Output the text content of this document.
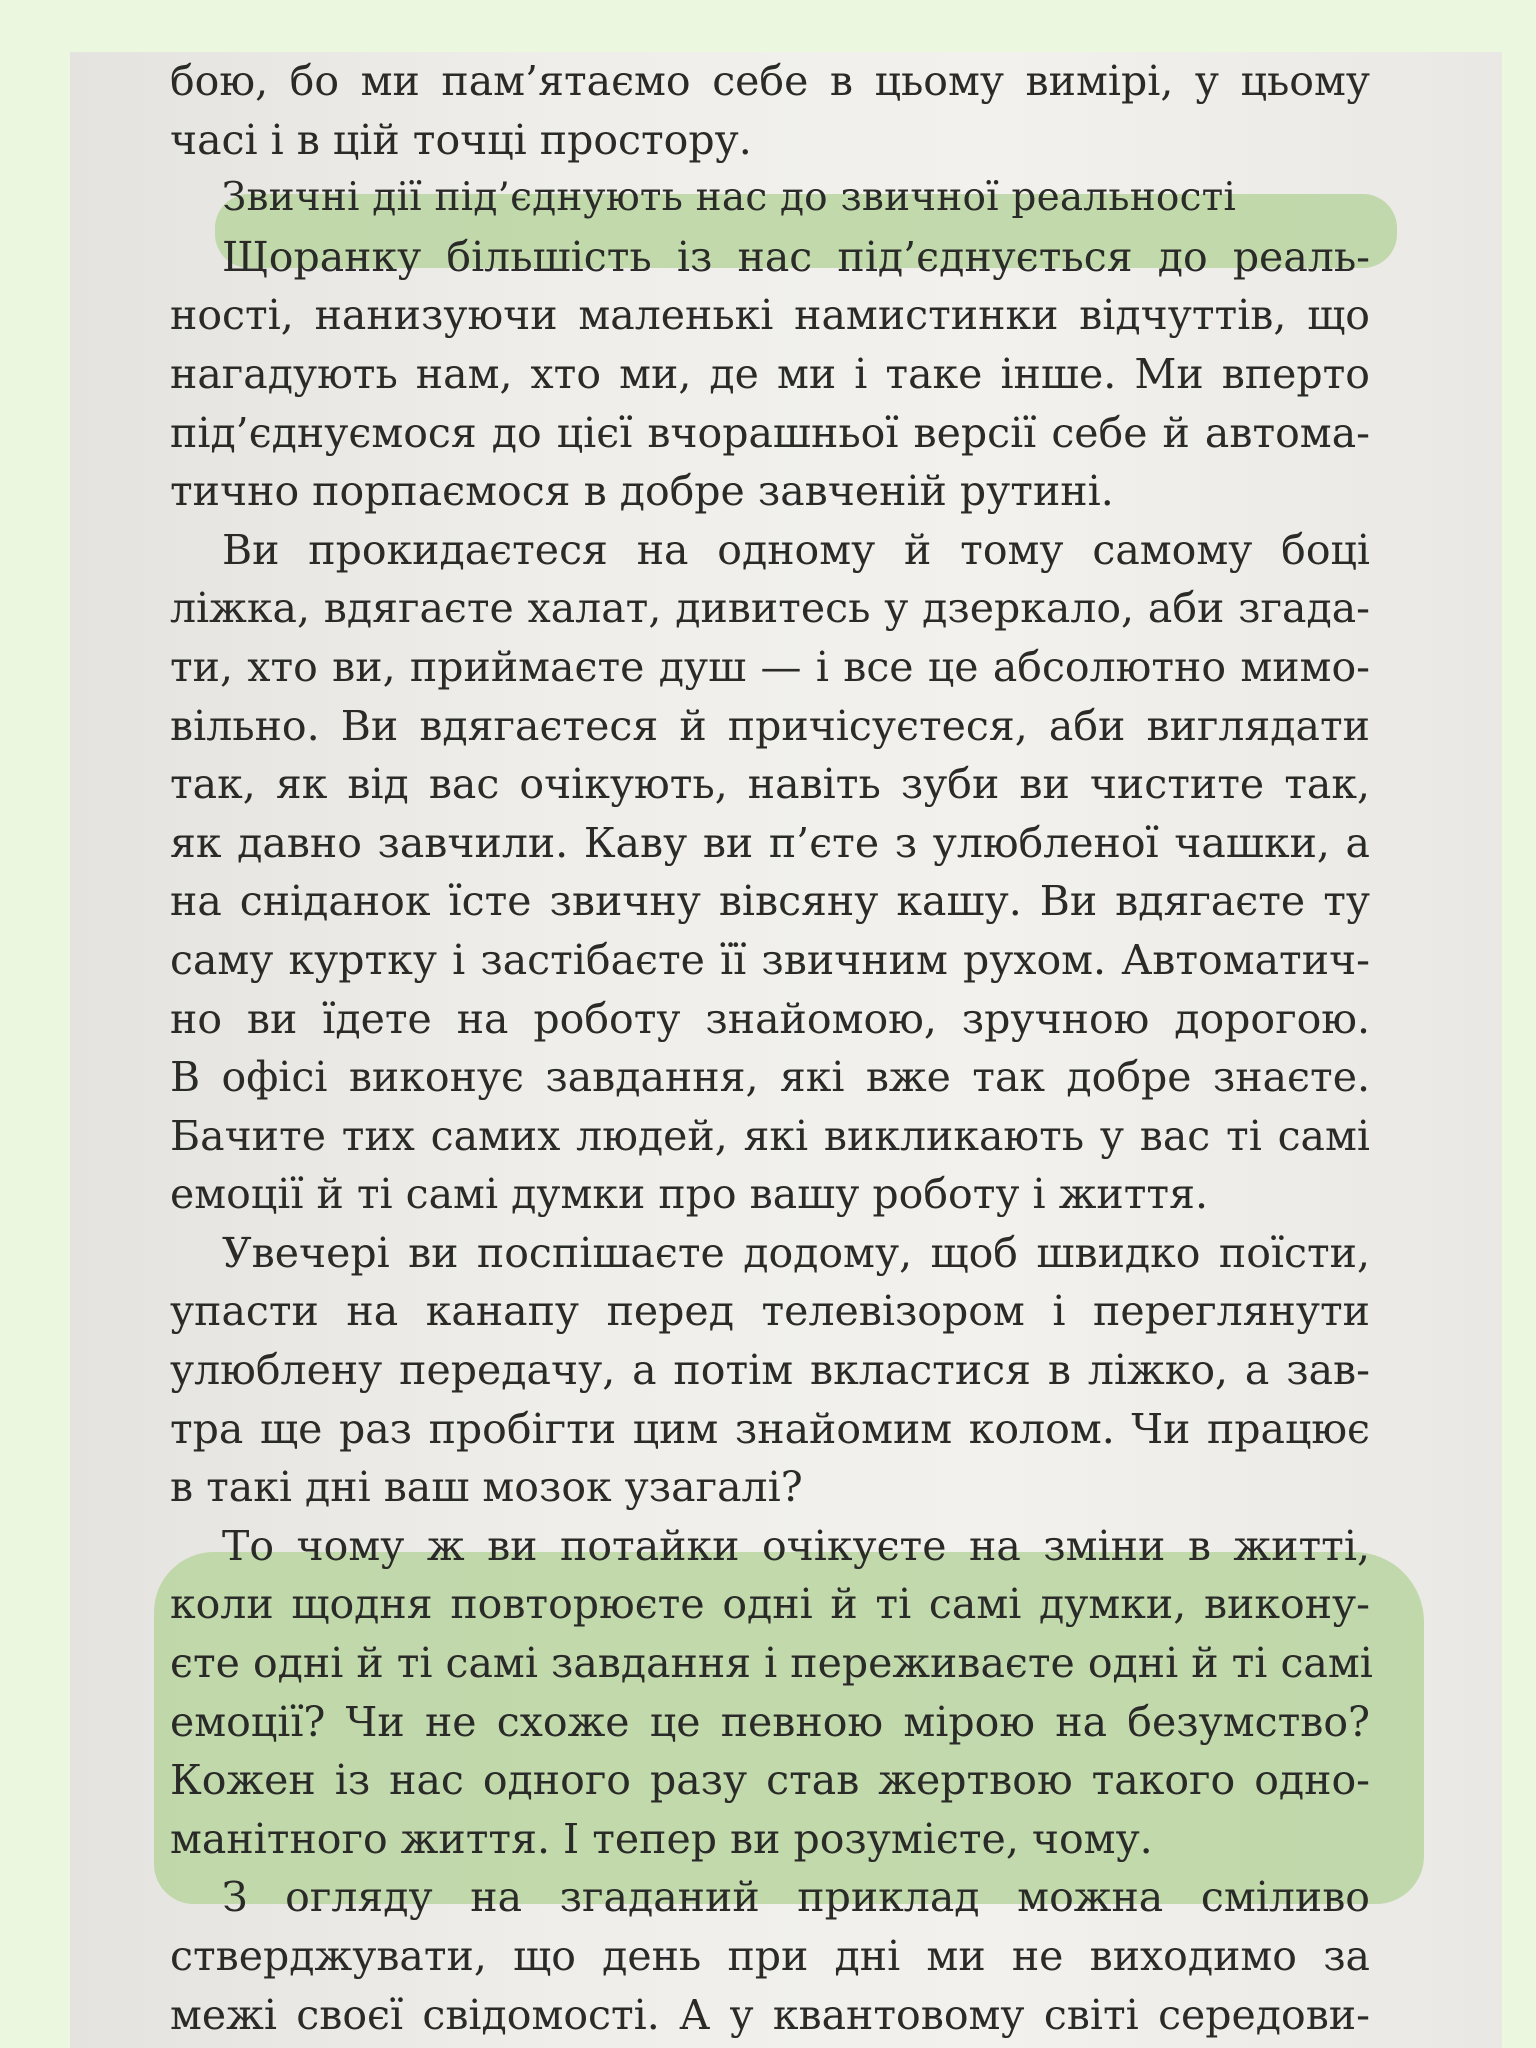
бою, бо ми пам’ятаємо себе в цьому вимірі, у цьому
часі і в цій точці простору.
Звичні дії під’єднують нас до звичної реальності
Щоранку більшість із нас під’єднується до реаль-
ності, нанизуючи маленькі намистинки відчуттів, що
нагадують нам, хто ми, де ми і таке інше. Ми вперто
під’єднуємося до цієї вчорашньої версії себе й автома-
тично порпаємося в добре завченій рутині.
Ви прокидаєтеся на одному й тому самому боці
ліжка, вдягаєте халат, дивитесь у дзеркало, аби згада-
ти, хто ви, приймаєте душ — і все це абсолютно мимо-
вільно. Ви вдягаєтеся й причісуєтеся, аби виглядати
так, як від вас очікують, навіть зуби ви чистите так,
як давно завчили. Каву ви п’єте з улюбленої чашки, а
на сніданок їсте звичну вівсяну кашу. Ви вдягаєте ту
саму куртку і застібаєте її звичним рухом. Автоматич-
но ви їдете на роботу знайомою, зручною дорогою.
В офісі виконує завдання, які вже так добре знаєте.
Бачите тих самих людей, які викликають у вас ті самі
емоції й ті самі думки про вашу роботу і життя.
Увечері ви поспішаєте додому, щоб швидко поїсти,
упасти на канапу перед телевізором і переглянути
улюблену передачу, а потім вкластися в ліжко, а зав-
тра ще раз пробігти цим знайомим колом. Чи працює
в такі дні ваш мозок узагалі?
То чому ж ви потайки очікуєте на зміни в житті,
коли щодня повторюєте одні й ті самі думки, викону-
єте одні й ті самі завдання і переживаєте одні й ті самі
емоції? Чи не схоже це певною мірою на безумство?
Кожен із нас одного разу став жертвою такого одно-
манітного життя. І тепер ви розумієте, чому.
З огляду на згаданий приклад можна сміливо
стверджувати, що день при дні ми не виходимо за
межі своєї свідомості. А у квантовому світі середови-
